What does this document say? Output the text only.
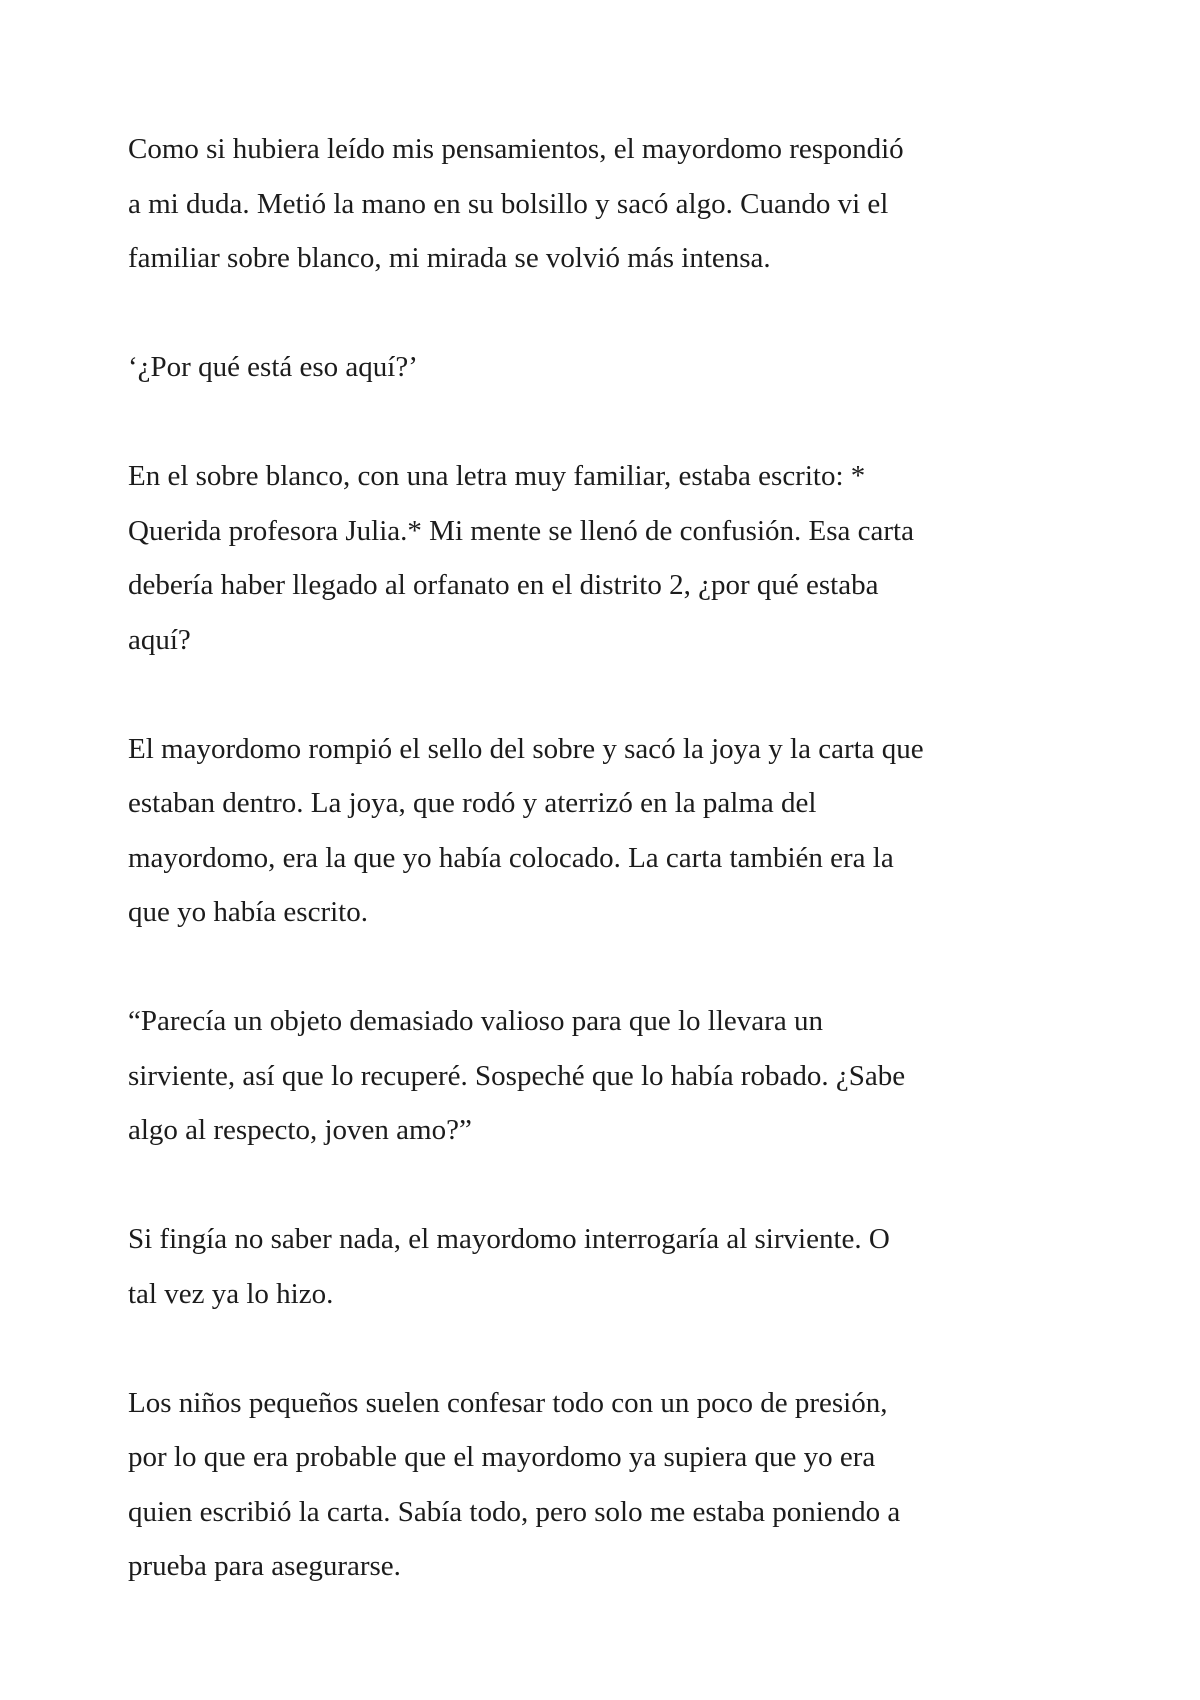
Como si hubiera leído mis pensamientos, el mayordomo respondió
a mi duda. Metió la mano en su bolsillo y sacó algo. Cuando vi el
familiar sobre blanco, mi mirada se volvió más intensa.

‘¿Por qué está eso aquí?’

En el sobre blanco, con una letra muy familiar, estaba escrito: *
Querida profesora Julia.* Mi mente se llenó de confusión. Esa carta
debería haber llegado al orfanato en el distrito 2, ¿por qué estaba
aquí?

El mayordomo rompió el sello del sobre y sacó la joya y la carta que
estaban dentro. La joya, que rodó y aterrizó en la palma del
mayordomo, era la que yo había colocado. La carta también era la
que yo había escrito.

“Parecía un objeto demasiado valioso para que lo llevara un
sirviente, así que lo recuperé. Sospeché que lo había robado. ¿Sabe
algo al respecto, joven amo?”

Si fingía no saber nada, el mayordomo interrogaría al sirviente. O
tal vez ya lo hizo.

Los niños pequeños suelen confesar todo con un poco de presión,
por lo que era probable que el mayordomo ya supiera que yo era
quien escribió la carta. Sabía todo, pero solo me estaba poniendo a
prueba para asegurarse.
